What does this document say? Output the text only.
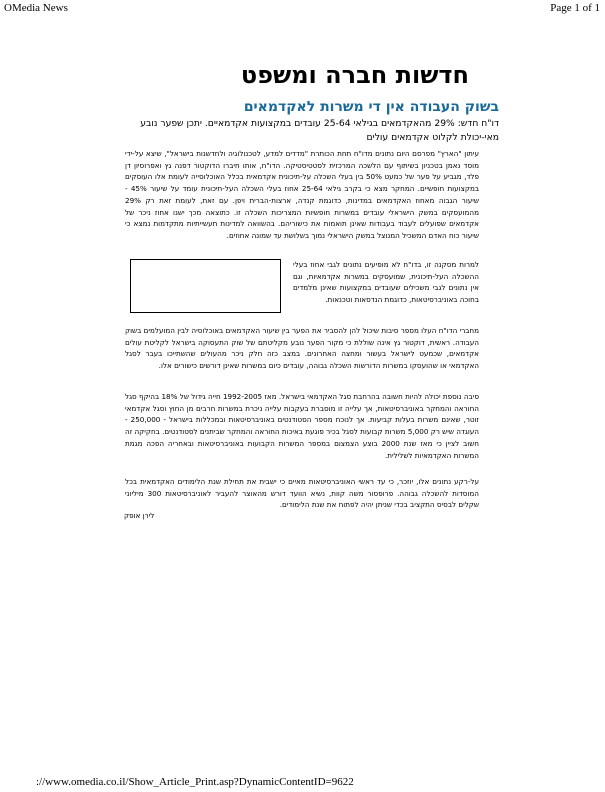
OMedia News	Page 1 of 1
חדשות חברה ומשפט
בשוק העבודה אין די משרות לאקדמאים

דו"ח חדש: 29% מהאקדמאים בגילאי 25-64 עובדים במקצועות אקדמאיים. יתכן שפער נובע מאי-יכולת לקלוט אקדמאים עולים

עיתון "הארץ" מפרסם היום נתונים מדו"ח תחת הכותרת "מדדים למדע, לטכנולוגיה ולחדשנות בישראל", שיצא על-ידי מוסד נאמן בטכניון בשיתוף עם הלשכה המרכזית לסטטיסטיקה. הדו"ח, אותו חיברו הדוקטור דפנה גץ ואפרוסיון דן פלד, מגביע על פער של כמעט 50% בין בעלי השכלה על-תיכונית אקדמאית בכלל האוכלוסייה לעומת אלו העוסקים במקצועות חופשיים. המחקר מצא כי בקרב גילאי 25-64 אחוז בעלי השכלה העל-תיכונית עומד על שיעור 45% - שיעור הגבוה מאחוז האקדמאים במדינות, כדוגמת קנדה, ארצות-הברית ויפן. עם זאת, לעומת זאת רק 29% מהמועסקים במשק הישראלי עובדים במשרות חופשיות המצריכות השכלה זו. כתוצאה מכך ישנו אחוז ניכר של אקדמאים שפועלים לעבוד בעבודות שאינן תואמות את כישוריהם. בהשוואה למדינות תעשייתיות מתקדמות נמצא כי שיעור כוח האדם המשכיל המנוצל במשק הישראלי נמוך בשלושת עד שמונה אחוזים.

למרות מסקנה זו, בדו"ח לא מופיעים נתונים לגבי אחוז בעלי ההשכלה העל-תיכונית, שמועסקים במשרות אקדמאיות, וגם אין נתונים לגבי משכילים שעובדים במקצועות שאינן מלמדים בחוכה באוניברסיטאות, כדוגמת הנדסאות וטכנאות.

מחברי הדו"ח העלו מספר סיבות שיכול להן להסביר את הפער בין שיעור האקדמאים באוכלוסיה לבין המועלמים בשוק העבודה. ראשית, דוקטור גץ אינה שוללת כי מקור הפער נובע מקליטתם של שוק התעסוקה בישראל לקליטת עולים אקדמאים, שכמעט לישראל בעשור ומחצה האחרונים. במצב כזה חלק ניכר מהעולים שהשתייכו בעבר לסגל האקדמאי או שהועסקו במשרות הדורשות השכלה גבוהה, עובדים כיום במשרות שאינן דורשים כישורים אלו.

סיבה נוספת יכולה להיות חשובה בהרחבת סגל האקדמאי בישראל. מאז 1992-2005 חייה גידול של 18% בהיקף סגל החוראה והמחקר באוניברסיטאות, אך עלייה זו מוסברת בעקבות עלייה ניכרת במשרות חרבים מן החוץ וסגל אקדמאי זוטר, שאינם משרות בעלות קביעות. אך לנוכח מספר הסטודנטים באוניברסיטאות ובמכללות בישראל - 250,000 - העוגדה שיש רק 5,000 משרות קבועות לסגל בכיר פוגעת באיכות החוראה והמחקר שביתנים לסטודנטים. בחקיקה זה חשוב לציין כי מאז שנת 2000 בוצע הצמצום במספר המשרות הקבועות באוניברסיטאות ובאחריה הפכה מגמת המשרות האקדמאיות לשלילית.

על-רקע נתונים אלו, יוזכר, כי עד ראשי האוניברסיטאות מאיים כי ישבית את תחילת שנת הלימודים האקדמאית בכל המוסדות להשכלה גבוהה. פרופסור משה קוות, נשיא הוועד דורש מהאוצר להעביר לאוניברסיטאות 300 מיליוני שקלים לבסיס התקציב בכדי שניתן יהיה לפתוח את שנת הלימודים.

לירן אופק
://www.omedia.co.il/Show_Article_Print.asp?DynamicContentID=9622
